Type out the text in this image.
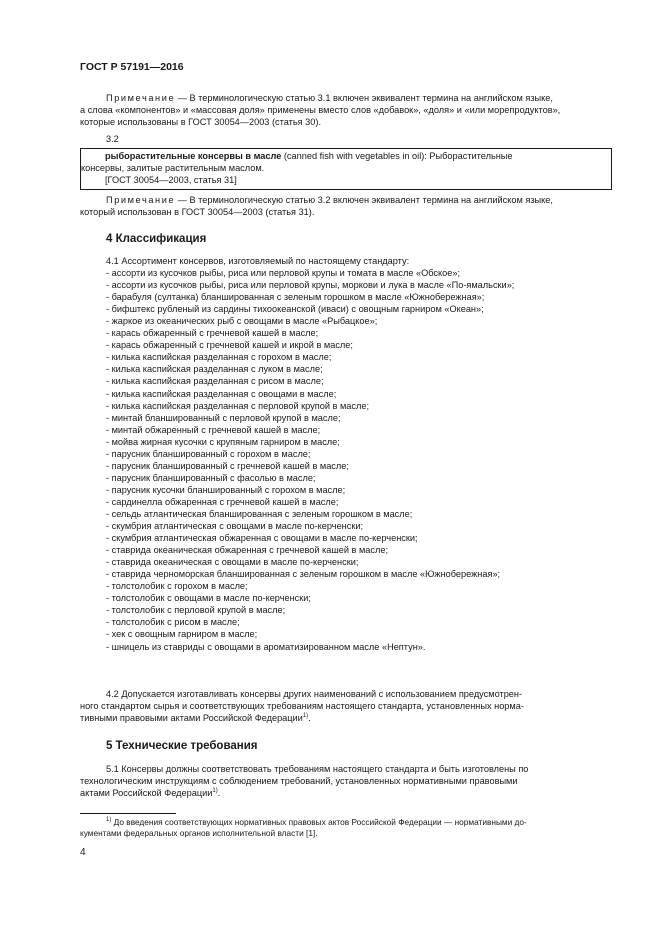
ГОСТ Р 57191—2016
Примечание — В терминологическую статью 3.1 включен эквивалент термина на английском языке,
а слова «компонентов» и «массовая доля» применены вместо слов «добавок», «доля» и «или морепродуктов»,
которые использованы в ГОСТ 30054—2003 (статья 30).
3.2
рыборастительные консервы в масле (canned fish with vegetables in oil): Рыборастительные
консервы, залитые растительным маслом.
[ГОСТ 30054—2003, статья 31]
Примечание — В терминологическую статью 3.2 включен эквивалент термина на английском языке,
который использован в ГОСТ 30054—2003 (статья 31).
4 Классификация
4.1 Ассортимент консервов, изготовляемый по настоящему стандарту:
- ассорти из кусочков рыбы, риса или перловой крупы и томата в масле «Обское»;
- ассорти из кусочков рыбы, риса или перловой крупы, моркови и лука в масле «По-ямальски»;
- барабуля (султанка) бланшированная с зеленым горошком в масле «Южнобережная»;
- бифштекс рубленый из сардины тихоокеанской (иваси) с овощным гарниром «Океан»;
- жаркое из океанических рыб с овощами в масле «Рыбацкое»;
- карась обжаренный с гречневой кашей в масле;
- карась обжаренный с гречневой кашей и икрой в масле;
- килька каспийская разделанная с горохом в масле;
- килька каспийская разделанная с луком в масле;
- килька каспийская разделанная с рисом в масле;
- килька каспийская разделанная с овощами в масле;
- килька каспийская разделанная с перловой крупой в масле;
- минтай бланшированный с перловой крупой в масле;
- минтай обжаренный с гречневой кашей в масле;
- мойва жирная кусочки с крупяным гарниром в масле;
- парусник бланшированный с горохом в масле;
- парусник бланшированный с гречневой кашей в масле;
- парусник бланшированный с фасолью в масле;
- парусник кусочки бланшированный с горохом в масле;
- сардинелла обжаренная с гречневой кашей в масле;
- сельдь атлантическая бланшированная с зеленым горошком в масле;
- скумбрия атлантическая с овощами в масле по-керченски;
- скумбрия атлантическая обжаренная с овощами в масле по-керченски;
- ставрида океаническая обжаренная с гречневой кашей в масле;
- ставрида океаническая с овощами в масле по-керченски;
- ставрида черноморская бланшированная с зеленым горошком в масле «Южнобережная»;
- толстолобик с горохом в масле;
- толстолобик с овощами в масле по-керченски;
- толстолобик с перловой крупой в масле;
- толстолобик с рисом в масле;
- хек с овощным гарниром в масле;
- шницель из ставриды с овощами в ароматизированном масле «Нептун».
4.2 Допускается изготавливать консервы других наименований с использованием предусмотрен-
ного стандартом сырья и соответствующих требованиям настоящего стандарта, установленных норма-
тивными правовыми актами Российской Федерации$^{1)}$.
5 Технические требования
5.1 Консервы должны соответствовать требованиям настоящего стандарта и быть изготовлены по
технологическим инструкциям с соблюдением требований, установленных нормативными правовыми
актами Российской Федерации$^{1)}$.
$^{1)}$ До введения соответствующих нормативных правовых актов Российской Федерации — нормативными до-
кументами федеральных органов исполнительной власти [1].
4
